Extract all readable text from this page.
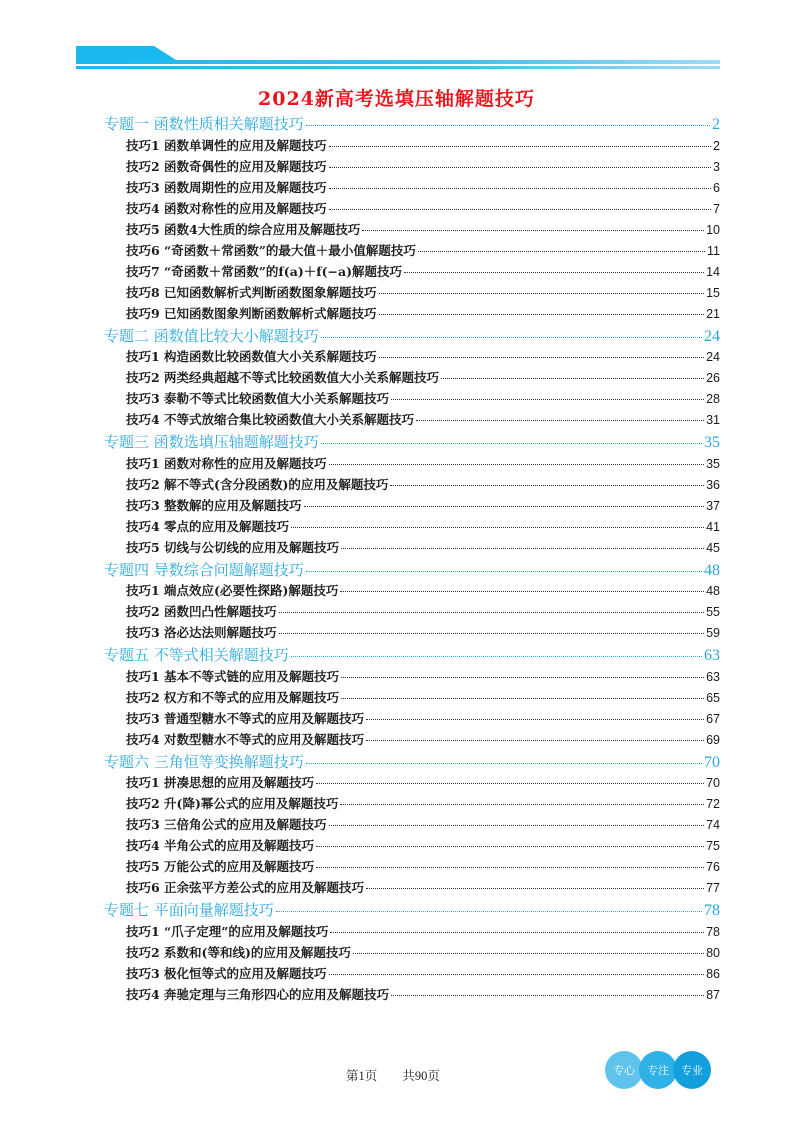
2024新高考选填压轴解题技巧
专题一 函数性质相关解题技巧	2
技巧1 函数单调性的应用及解题技巧	2
技巧2 函数奇偶性的应用及解题技巧	3
技巧3 函数周期性的应用及解题技巧	6
技巧4 函数对称性的应用及解题技巧	7
技巧5 函数4大性质的综合应用及解题技巧	10
技巧6 “奇函数＋常函数”的最大值＋最小值解题技巧	11
技巧7 “奇函数＋常函数”的f(a)＋f(−a)解题技巧	14
技巧8 已知函数解析式判断函数图象解题技巧	15
技巧9 已知函数图象判断函数解析式解题技巧	21
专题二 函数值比较大小解题技巧	24
技巧1 构造函数比较函数值大小关系解题技巧	24
技巧2 两类经典超越不等式比较函数值大小关系解题技巧	26
技巧3 泰勒不等式比较函数值大小关系解题技巧	28
技巧4 不等式放缩合集比较函数值大小关系解题技巧	31
专题三 函数选填压轴题解题技巧	35
技巧1 函数对称性的应用及解题技巧	35
技巧2 解不等式(含分段函数)的应用及解题技巧	36
技巧3 整数解的应用及解题技巧	37
技巧4 零点的应用及解题技巧	41
技巧5 切线与公切线的应用及解题技巧	45
专题四 导数综合问题解题技巧	48
技巧1 端点效应(必要性探路)解题技巧	48
技巧2 函数凹凸性解题技巧	55
技巧3 洛必达法则解题技巧	59
专题五 不等式相关解题技巧	63
技巧1 基本不等式链的应用及解题技巧	63
技巧2 权方和不等式的应用及解题技巧	65
技巧3 普通型糖水不等式的应用及解题技巧	67
技巧4 对数型糖水不等式的应用及解题技巧	69
专题六 三角恒等变换解题技巧	70
技巧1 拼凑思想的应用及解题技巧	70
技巧2 升(降)幂公式的应用及解题技巧	72
技巧3 三倍角公式的应用及解题技巧	74
技巧4 半角公式的应用及解题技巧	75
技巧5 万能公式的应用及解题技巧	76
技巧6 正余弦平方差公式的应用及解题技巧	77
专题七 平面向量解题技巧	78
技巧1 “爪子定理”的应用及解题技巧	78
技巧2 系数和(等和线)的应用及解题技巧	80
技巧3 极化恒等式的应用及解题技巧	86
技巧4 奔驰定理与三角形四心的应用及解题技巧	87
第1页 共90页	专心	专注	专业
